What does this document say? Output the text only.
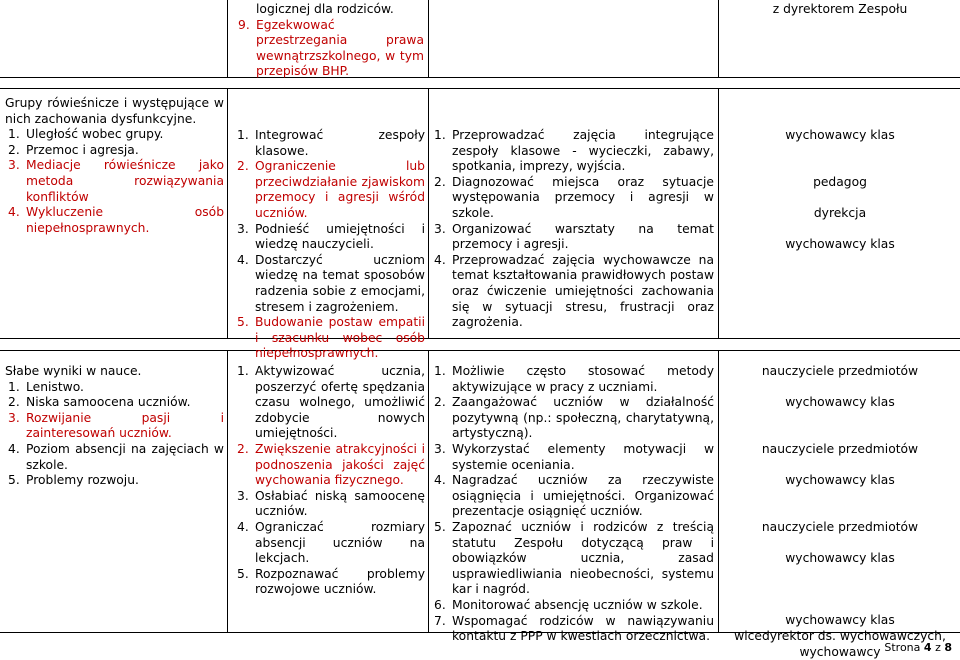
logicznej dla rodziców.
9. Egzekwować przestrzegania prawa wewnątrzszkolnego, w tym przepisów BHP.
z dyrektorem Zespołu
Grupy rówieśnicze i występujące w nich zachowania dysfunkcyjne.
1. Uległość wobec grupy.
2. Przemoc i agresja.
3. Mediacje rówieśnicze jako metoda rozwiązywania konfliktów
4. Wykluczenie osób niepełnosprawnych.
1. Integrować zespoły klasowe.
2. Ograniczenie lub przeciwdziałanie zjawiskom przemocy i agresji wśród uczniów.
3. Podnieść umiejętności i wiedzę nauczycieli.
4. Dostarczyć uczniom wiedzę na temat sposobów radzenia sobie z emocjami, stresem i zagrożeniem.
5. Budowanie postaw empatii i szacunku wobec osób niepełnosprawnych.
1. Przeprowadzać zajęcia integrujące zespoły klasowe - wycieczki, zabawy, spotkania, imprezy, wyjścia.
2. Diagnozować miejsca oraz sytuacje występowania przemocy i agresji w szkole.
3. Organizować warsztaty na temat przemocy i agresji.
4. Przeprowadzać zajęcia wychowawcze na temat kształtowania prawidłowych postaw oraz ćwiczenie umiejętności zachowania się w sytuacji stresu, frustracji oraz zagrożenia.
wychowawcy klas
pedagog
dyrekcja
wychowawcy klas
Słabe wyniki w nauce.
1. Lenistwo.
2. Niska samoocena uczniów.
3. Rozwijanie pasji i zainteresowań uczniów.
4. Poziom absencji na zajęciach w szkole.
5. Problemy rozwoju.
1. Aktywizować ucznia, poszerzyć ofertę spędzania czasu wolnego, umożliwić zdobycie nowych umiejętności.
2. Zwiększenie atrakcyjności i podnoszenia jakości zajęć wychowania fizycznego.
3. Osłabiać niską samoocenę uczniów.
4. Ograniczać rozmiary absencji uczniów na lekcjach.
5. Rozpoznawać problemy rozwojowe uczniów.
1. Możliwie często stosować metody aktywizujące w pracy z uczniami.
2. Zaangażować uczniów w działalność pozytywną (np.: społeczną, charytatywną, artystyczną).
3. Wykorzystać elementy motywacji w systemie oceniania.
4. Nagradzać uczniów za rzeczywiste osiągnięcia i umiejętności. Organizować prezentacje osiągnięć uczniów.
5. Zapoznać uczniów i rodziców z treścią statutu Zespołu dotyczącą praw i obowiązków ucznia, zasad usprawiedliwiania nieobecności, systemu kar i nagród.
6. Monitorować absencję uczniów w szkole.
7. Wspomagać rodziców w nawiązywaniu kontaktu z PPP w kwestiach orzecznictwa.
nauczyciele przedmiotów
wychowawcy klas
nauczyciele przedmiotów
wychowawcy klas
nauczyciele przedmiotów
wychowawcy klas
wychowawcy klas
wicedyrektor ds. wychowawczych, wychowawcy Strona 4 z 8
